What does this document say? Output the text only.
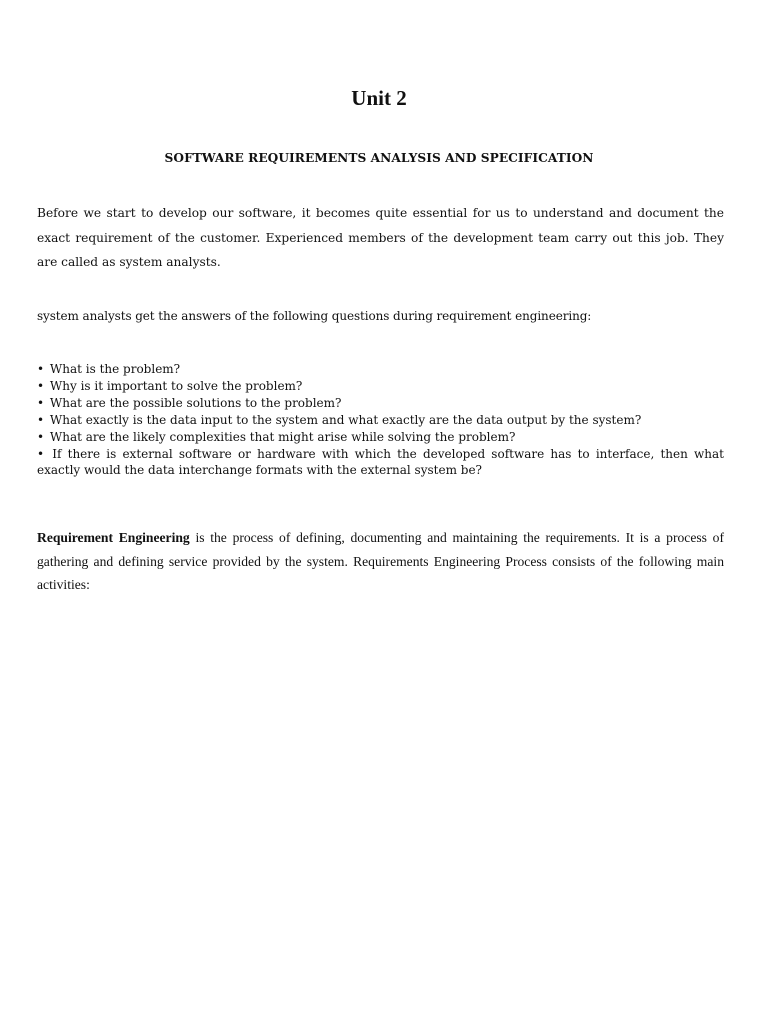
Unit 2
SOFTWARE REQUIREMENTS ANALYSIS AND SPECIFICATION

Before we start to develop our software, it becomes quite essential for us to understand and document the exact requirement of the customer. Experienced members of the development team carry out this job. They are called as system analysts.

system analysts get the answers of the following questions during requirement engineering:

• What is the problem?
• Why is it important to solve the problem?
• What are the possible solutions to the problem?
• What exactly is the data input to the system and what exactly are the data output by the system?
• What are the likely complexities that might arise while solving the problem?
• If there is external software or hardware with which the developed software has to interface, then what exactly would the data interchange formats with the external system be?

Requirement Engineering is the process of defining, documenting and maintaining the requirements. It is a process of gathering and defining service provided by the system. Requirements Engineering Process consists of the following main activities:
